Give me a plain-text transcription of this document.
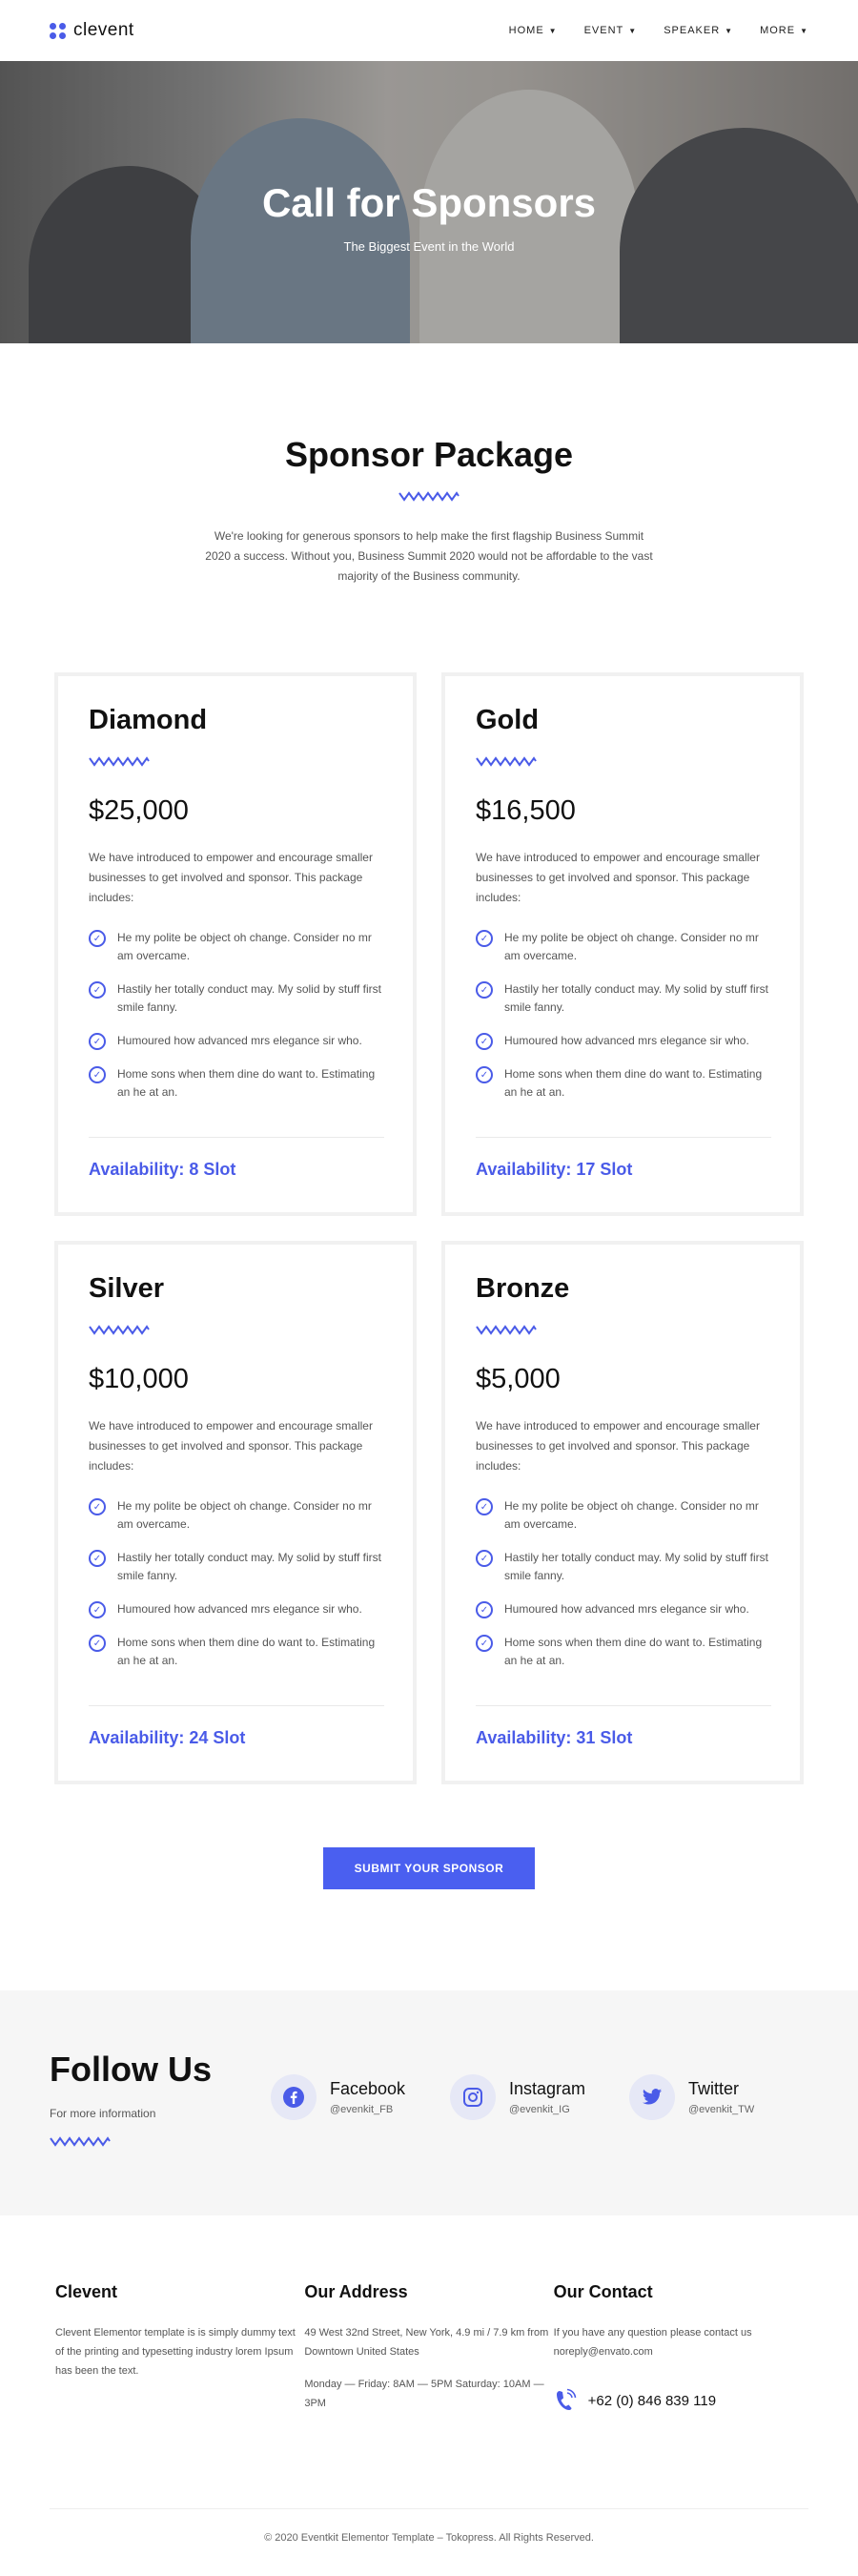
clevent	HOME ▼	EVENT ▼	SPEAKER ▼	MORE ▼
Call for Sponsors

The Biggest Event in the World

Sponsor Package

We're looking for generous sponsors to help make the first flagship Business Summit 2020 a success. Without you, Business Summit 2020 would not be affordable to the vast majority of the Business community.

Diamond
$25,000

We have introduced to empower and encourage smaller businesses to get involved and sponsor. This package includes:

✓	He my polite be object oh change. Consider no mr am overcame.
✓	Hastily her totally conduct may. My solid by stuff first smile fanny.
✓	Humoured how advanced mrs elegance sir who.
✓	Home sons when them dine do want to. Estimating an he at an.
Availability: 8 Slot
Gold
$16,500

We have introduced to empower and encourage smaller businesses to get involved and sponsor. This package includes:

✓	He my polite be object oh change. Consider no mr am overcame.
✓	Hastily her totally conduct may. My solid by stuff first smile fanny.
✓	Humoured how advanced mrs elegance sir who.
✓	Home sons when them dine do want to. Estimating an he at an.
Availability: 17 Slot
Silver
$10,000

We have introduced to empower and encourage smaller businesses to get involved and sponsor. This package includes:

✓	He my polite be object oh change. Consider no mr am overcame.
✓	Hastily her totally conduct may. My solid by stuff first smile fanny.
✓	Humoured how advanced mrs elegance sir who.
✓	Home sons when them dine do want to. Estimating an he at an.
Availability: 24 Slot
Bronze
$5,000

We have introduced to empower and encourage smaller businesses to get involved and sponsor. This package includes:

✓	He my polite be object oh change. Consider no mr am overcame.
✓	Hastily her totally conduct may. My solid by stuff first smile fanny.
✓	Humoured how advanced mrs elegance sir who.
✓	Home sons when them dine do want to. Estimating an he at an.
Availability: 31 Slot
SUBMIT YOUR SPONSOR
Follow Us

For more information

Facebook
@evenkit_FB
Instagram
@evenkit_IG
Twitter
@evenkit_TW
Clevent

Clevent Elementor template is is simply dummy text of the printing and typesetting industry lorem Ipsum has been the text.

Our Address

49 West 32nd Street, New York, 4.9 mi / 7.9 km from Downtown United States

Monday — Friday: 8AM — 5PM Saturday: 10AM — 3PM

Our Contact

If you have any question please contact us noreply@envato.com

+62 (0) 846 839 119
© 2020 Eventkit Elementor Template – Tokopress. All Rights Reserved.
